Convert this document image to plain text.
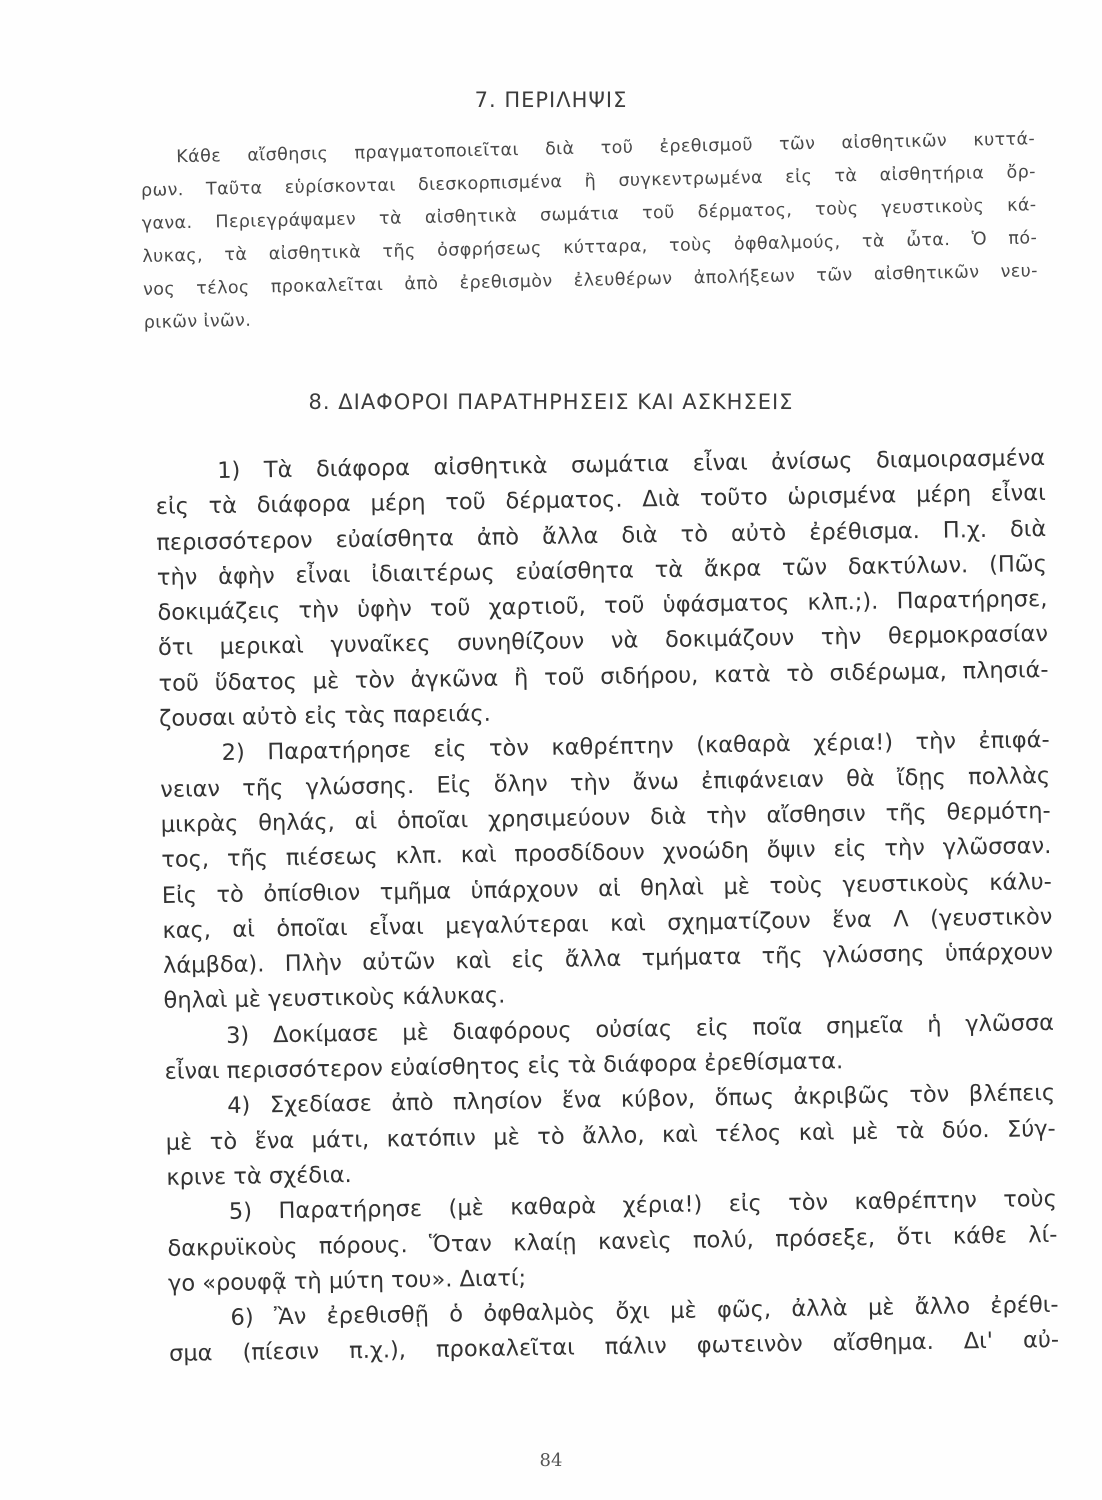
7. ΠΕΡΙΛΗΨΙΣ
Κάθε αἴσθησις πραγματοποιεῖται διὰ τοῦ ἐρεθισμοῦ τῶν αἰσθητικῶν κυττά-
ρων. Ταῦτα εὑρίσκονται διεσκορπισμένα ἢ συγκεντρωμένα εἰς τὰ αἰσθητήρια ὄρ-
γανα. Περιεγράψαμεν τὰ αἰσθητικὰ σωμάτια τοῦ δέρματος, τοὺς γευστικοὺς κά-
λυκας, τὰ αἰσθητικὰ τῆς ὀσφρήσεως κύτταρα, τοὺς ὀφθαλμούς, τὰ ὦτα. Ὁ πό-
νος τέλος προκαλεῖται ἀπὸ ἐρεθισμὸν ἐλευθέρων ἀπολήξεων τῶν αἰσθητικῶν νευ-
ρικῶν ἰνῶν.
8. ΔΙΑΦΟΡΟΙ ΠΑΡΑΤΗΡΗΣΕΙΣ ΚΑΙ ΑΣΚΗΣΕΙΣ
1) Τὰ διάφορα αἰσθητικὰ σωμάτια εἶναι ἀνίσως διαμοιρασμένα
εἰς τὰ διάφορα μέρη τοῦ δέρματος. Διὰ τοῦτο ὡρισμένα μέρη εἶναι
περισσότερον εὐαίσθητα ἀπὸ ἄλλα διὰ τὸ αὐτὸ ἐρέθισμα. Π.χ. διὰ
τὴν ἁφὴν εἶναι ἰδιαιτέρως εὐαίσθητα τὰ ἄκρα τῶν δακτύλων. (Πῶς
δοκιμάζεις τὴν ὑφὴν τοῦ χαρτιοῦ, τοῦ ὑφάσματος κλπ.;). Παρατήρησε,
ὅτι μερικαὶ γυναῖκες συνηθίζουν νὰ δοκιμάζουν τὴν θερμοκρασίαν
τοῦ ὕδατος μὲ τὸν ἀγκῶνα ἢ τοῦ σιδήρου, κατὰ τὸ σιδέρωμα, πλησιά-
ζουσαι αὐτὸ εἰς τὰς παρειάς.
2) Παρατήρησε εἰς τὸν καθρέπτην (καθαρὰ χέρια!) τὴν ἐπιφά-
νειαν τῆς γλώσσης. Εἰς ὅλην τὴν ἄνω ἐπιφάνειαν θὰ ἴδῃς πολλὰς
μικρὰς θηλάς, αἱ ὁποῖαι χρησιμεύουν διὰ τὴν αἴσθησιν τῆς θερμότη-
τος, τῆς πιέσεως κλπ. καὶ προσδίδουν χνοώδη ὄψιν εἰς τὴν γλῶσσαν.
Εἰς τὸ ὀπίσθιον τμῆμα ὑπάρχουν αἱ θηλαὶ μὲ τοὺς γευστικοὺς κάλυ-
κας, αἱ ὁποῖαι εἶναι μεγαλύτεραι καὶ σχηματίζουν ἕνα Λ (γευστικὸν
λάμβδα). Πλὴν αὐτῶν καὶ εἰς ἄλλα τμήματα τῆς γλώσσης ὑπάρχουν
θηλαὶ μὲ γευστικοὺς κάλυκας.
3) Δοκίμασε μὲ διαφόρους οὐσίας εἰς ποῖα σημεῖα ἡ γλῶσσα
εἶναι περισσότερον εὐαίσθητος εἰς τὰ διάφορα ἐρεθίσματα.
4) Σχεδίασε ἀπὸ πλησίον ἕνα κύβον, ὅπως ἀκριβῶς τὸν βλέπεις
μὲ τὸ ἕνα μάτι, κατόπιν μὲ τὸ ἄλλο, καὶ τέλος καὶ μὲ τὰ δύο. Σύγ-
κρινε τὰ σχέδια.
5) Παρατήρησε (μὲ καθαρὰ χέρια!) εἰς τὸν καθρέπτην τοὺς
δακρυϊκοὺς πόρους. Ὅταν κλαίῃ κανεὶς πολύ, πρόσεξε, ὅτι κάθε λί-
γο «ρουφᾷ τὴ μύτη του». Διατί;
6) Ἂν ἐρεθισθῇ ὁ ὀφθαλμὸς ὄχι μὲ φῶς, ἀλλὰ μὲ ἄλλο ἐρέθι-
σμα (πίεσιν π.χ.), προκαλεῖται πάλιν φωτεινὸν αἴσθημα. Δι' αὐ-
84
